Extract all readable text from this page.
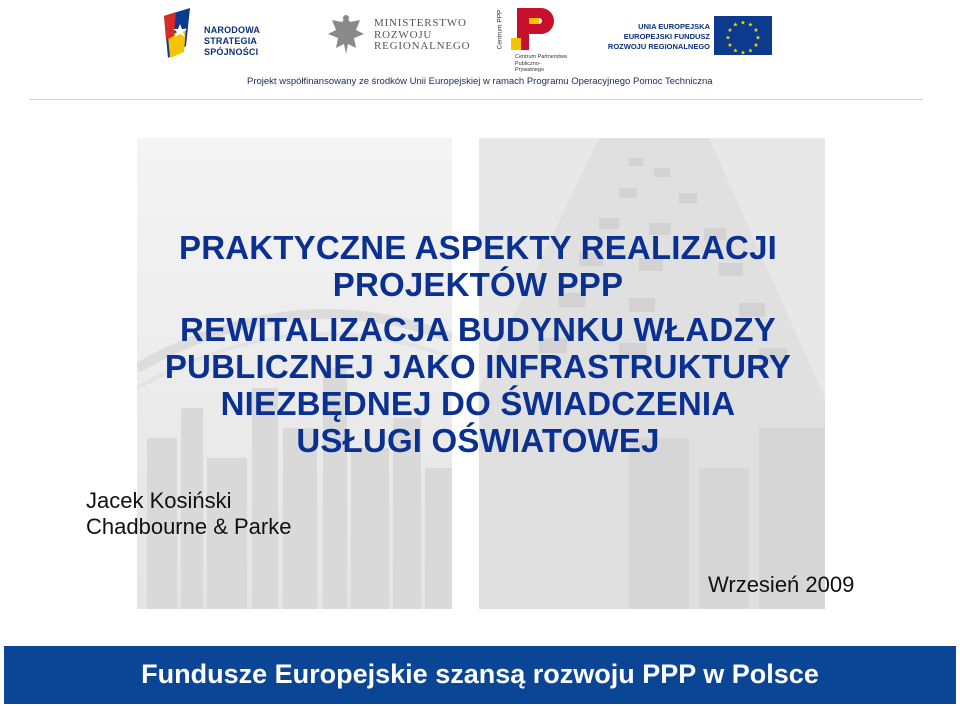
NARODOWA
STRATEGIA SPÓJNOŚCI
MINISTERSTWO
ROZWOJU
REGIONALNEGO	Centrum PPP
Centrum Partnerstwa
Publiczno-Prywatnego
UNIA EUROPEJSKA
EUROPEJSKI FUNDUSZ
ROZWOJU REGIONALNEGO
★ ★
★
★
★
★
★
★
★
★
★
★
Projekt współfinansowany ze środków Unii Europejskiej w ramach Programu Operacyjnego Pomoc Techniczna
PRAKTYCZNE ASPEKTY REALIZACJI
PROJEKTÓW PPP
REWITALIZACJA BUDYNKU WŁADZY
PUBLICZNEJ JAKO INFRASTRUKTURY
NIEZBĘDNEJ DO ŚWIADCZENIA
USŁUGI OŚWIATOWEJ
Jacek Kosiński
Chadbourne & Parke
Wrzesień 2009
Fundusze Europejskie szansą rozwoju PPP w Polsce
